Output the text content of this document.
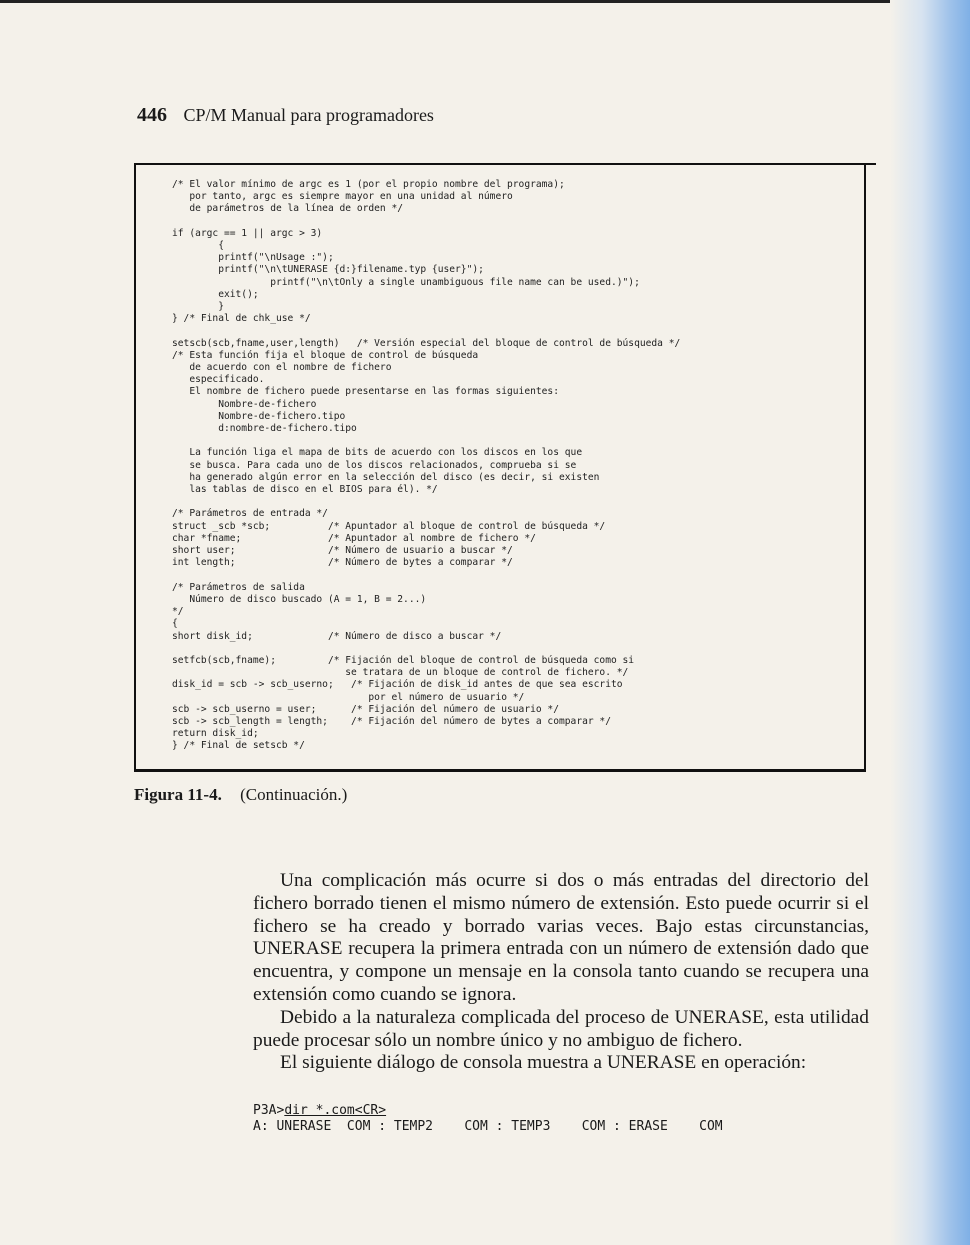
446 CP/M Manual para programadores
/* El valor mínimo de argc es 1 (por el propio nombre del programa);
por tanto, argc es siempre mayor en una unidad al número
de parámetros de la línea de orden */

if (argc == 1 || argc > 3)
{
printf("\nUsage :");
printf("\n\tUNERASE {d:}filename.typ {user}");
printf("\n\tOnly a single unambiguous file name can be used.)");
exit();
}
} /* Final de chk_use */

setscb(scb,fname,user,length)   /* Versión especial del bloque de control de búsqueda */
/* Esta función fija el bloque de control de búsqueda
de acuerdo con el nombre de fichero
especificado.
El nombre de fichero puede presentarse en las formas siguientes:
Nombre-de-fichero
Nombre-de-fichero.tipo
d:nombre-de-fichero.tipo

La función liga el mapa de bits de acuerdo con los discos en los que
se busca. Para cada uno de los discos relacionados, comprueba si se
ha generado algún error en la selección del disco (es decir, si existen
las tablas de disco en el BIOS para él). */

/* Parámetros de entrada */
struct _scb *scb;          /* Apuntador al bloque de control de búsqueda */
char *fname;               /* Apuntador al nombre de fichero */
short user;                /* Número de usuario a buscar */
int length;                /* Número de bytes a comparar */

/* Parámetros de salida
Número de disco buscado (A = 1, B = 2...)
*/
{
short disk_id;             /* Número de disco a buscar */

setfcb(scb,fname);         /* Fijación del bloque de control de búsqueda como si
se tratara de un bloque de control de fichero. */
disk_id = scb -> scb_userno;   /* Fijación de disk_id antes de que sea escrito
por el número de usuario */
scb -> scb_userno = user;      /* Fijación del número de usuario */
scb -> scb_length = length;    /* Fijación del número de bytes a comparar */
return disk_id;
} /* Final de setscb */
Figura 11-4. (Continuación.)

Una complicación más ocurre si dos o más entradas del directorio del fichero borrado tienen el mismo número de extensión. Esto puede ocurrir si el fichero se ha creado y borrado varias veces. Bajo estas circunstancias, UNERASE recupera la primera entrada con un número de extensión dado que encuentra, y compone un mensaje en la consola tanto cuando se recupera una extensión como cuando se ignora.

Debido a la naturaleza complicada del proceso de UNERASE, esta utilidad puede procesar sólo un nombre único y no ambiguo de fichero.

El siguiente diálogo de consola muestra a UNERASE en operación:

P3A>dir *.com<CR>
A: UNERASE  COM : TEMP2    COM : TEMP3    COM : ERASE    COM
